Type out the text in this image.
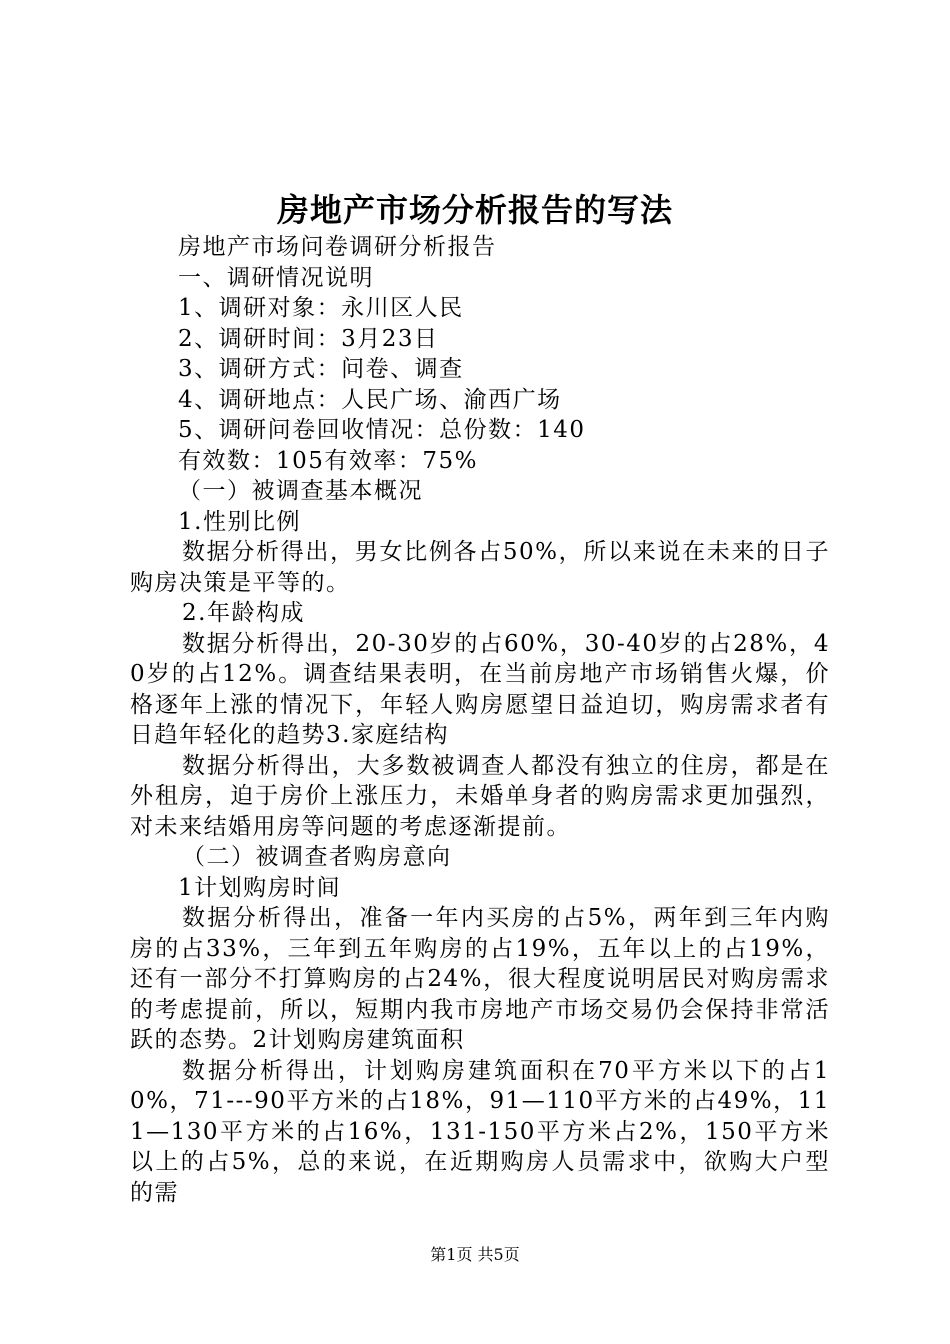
房地产市场分析报告的写法
房地产市场问卷调研分析报告
一、调研情况说明
1、调研对象：永川区人民
2、调研时间：3月23日
3、调研方式：问卷、调查
4、调研地点：人民广场、渝西广场
5、调研问卷回收情况：总份数：140
有效数：105有效率：75%
（一）被调查基本概况
1.性别比例
数据分析得出，男女比例各占50%，所以来说在未来的日子购房决策是平等的。
2.年龄构成
数据分析得出，20-30岁的占60%，30-40岁的占28%，40岁的占12%。调查结果表明，在当前房地产市场销售火爆，价格逐年上涨的情况下，年轻人购房愿望日益迫切，购房需求者有日趋年轻化的趋势3.家庭结构
数据分析得出，大多数被调查人都没有独立的住房，都是在外租房，迫于房价上涨压力，未婚单身者的购房需求更加强烈，对未来结婚用房等问题的考虑逐渐提前。
（二）被调查者购房意向
1计划购房时间
数据分析得出，准备一年内买房的占5%，两年到三年内购房的占33%，三年到五年购房的占19%，五年以上的占19%，还有一部分不打算购房的占24%，很大程度说明居民对购房需求的考虑提前，所以，短期内我市房地产市场交易仍会保持非常活跃的态势。2计划购房建筑面积
数据分析得出，计划购房建筑面积在70平方米以下的占10%，71---90平方米的占18%，91—110平方米的占49%，111—130平方米的占16%，131-150平方米占2%，150平方米以上的占5%，总的来说，在近期购房人员需求中，欲购大户型的需
第1页 共5页
